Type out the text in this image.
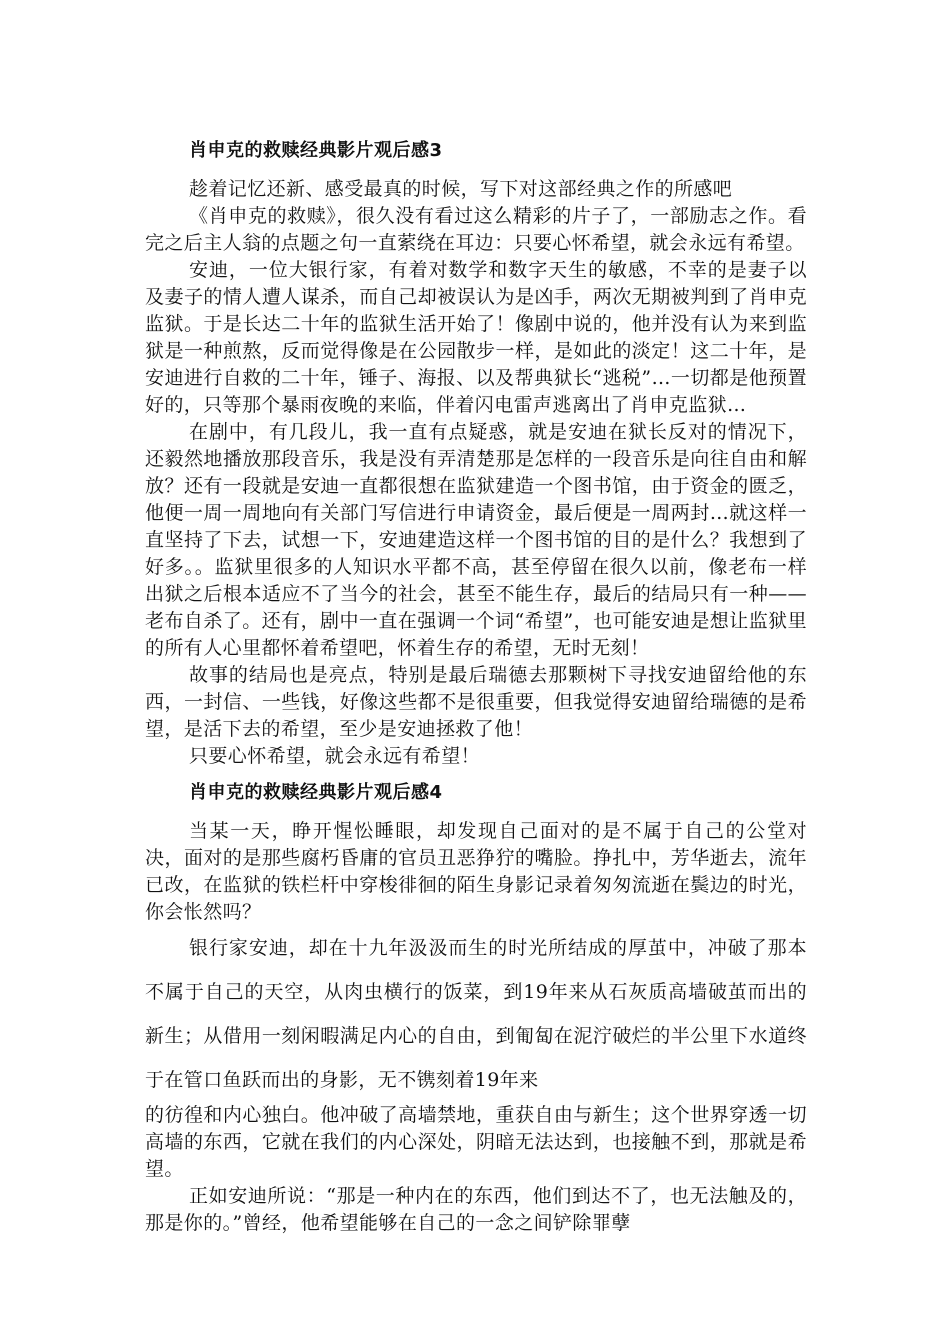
肖申克的救赎经典影片观后感3

趁着记忆还新、感受最真的时候，写下对这部经典之作的所感吧

《肖申克的救赎》，很久没有看过这么精彩的片子了，一部励志之作。看完之后主人翁的点题之句一直萦绕在耳边：只要心怀希望，就会永远有希望。

安迪，一位大银行家，有着对数学和数字天生的敏感，不幸的是妻子以及妻子的情人遭人谋杀，而自己却被误认为是凶手，两次无期被判到了肖申克监狱。于是长达二十年的监狱生活开始了！像剧中说的，他并没有认为来到监狱是一种煎熬，反而觉得像是在公园散步一样，是如此的淡定！这二十年，是安迪进行自救的二十年，锤子、海报、以及帮典狱长“逃税”…一切都是他预置好的，只等那个暴雨夜晚的来临，伴着闪电雷声逃离出了肖申克监狱…

在剧中，有几段儿，我一直有点疑惑，就是安迪在狱长反对的情况下，还毅然地播放那段音乐，我是没有弄清楚那是怎样的一段音乐是向往自由和解放？还有一段就是安迪一直都很想在监狱建造一个图书馆，由于资金的匮乏，他便一周一周地向有关部门写信进行申请资金，最后便是一周两封…就这样一直坚持了下去，试想一下，安迪建造这样一个图书馆的目的是什么？我想到了好多。。监狱里很多的人知识水平都不高，甚至停留在很久以前，像老布一样出狱之后根本适应不了当今的社会，甚至不能生存，最后的结局只有一种——老布自杀了。还有，剧中一直在强调一个词“希望”，也可能安迪是想让监狱里的所有人心里都怀着希望吧，怀着生存的希望，无时无刻！

故事的结局也是亮点，特别是最后瑞德去那颗树下寻找安迪留给他的东西，一封信、一些钱，好像这些都不是很重要，但我觉得安迪留给瑞德的是希望，是活下去的希望，至少是安迪拯救了他！

只要心怀希望，就会永远有希望！

肖申克的救赎经典影片观后感4

当某一天，睁开惺忪睡眼，却发现自己面对的是不属于自己的公堂对决，面对的是那些腐朽昏庸的官员丑恶狰狞的嘴脸。挣扎中，芳华逝去，流年已改，在监狱的铁栏杆中穿梭徘徊的陌生身影记录着匆匆流逝在鬓边的时光，你会怅然吗？

银行家安迪，却在十九年汲汲而生的时光所结成的厚茧中，冲破了那本不属于自己的天空，从肉虫横行的饭菜，到19年来从石灰质高墙破茧而出的新生；从借用一刻闲暇满足内心的自由，到匍匐在泥泞破烂的半公里下水道终于在管口鱼跃而出的身影，无不镌刻着19年来

的彷徨和内心独白。他冲破了高墙禁地，重获自由与新生；这个世界穿透一切高墙的东西，它就在我们的内心深处，阴暗无法达到，也接触不到，那就是希望。

正如安迪所说：“那是一种内在的东西，他们到达不了，也无法触及的，那是你的。”曾经，他希望能够在自己的一念之间铲除罪孽
